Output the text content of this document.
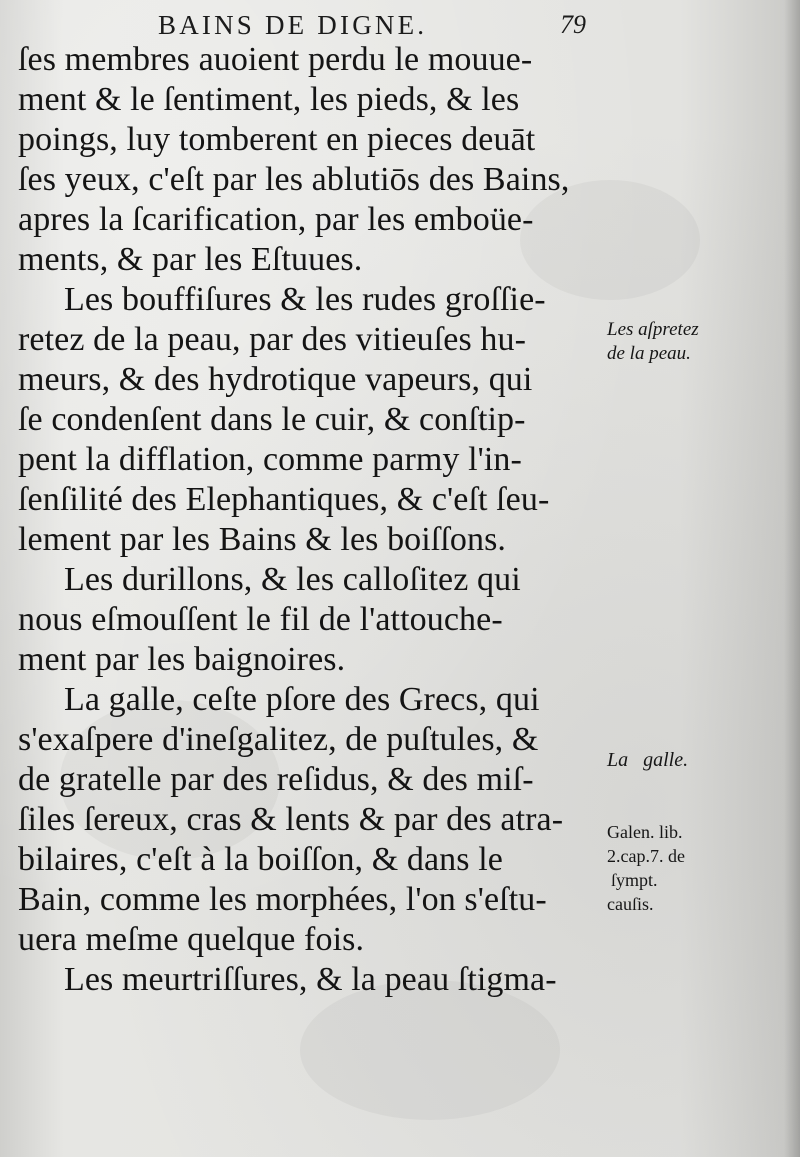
BAINS DE DIGNE.	79
ſes membres auoient perdu le mouue-
ment & le ſentiment, les pieds, & les
poings, luy tomberent en pieces deuāt
ſes yeux, c'eſt par les ablutiōs des Bains,
apres la ſcarification, par les emboüe-
ments, & par les Eſtuues.
Les bouffiſures & les rudes groſſie-
retez de la peau, par des vitieuſes hu-
meurs, & des hydrotique vapeurs, qui
ſe condenſent dans le cuir, & conſtip-
pent la difflation, comme parmy l'in-
ſenſilité des Elephantiques, & c'eſt ſeu-
lement par les Bains & les boiſſons.
Les durillons, & les calloſitez qui
nous eſmouſſent le fil de l'attouche-
ment par les baignoires.
La galle, ceſte pſore des Grecs, qui
s'exaſpere d'ineſgalitez, de puſtules, &
de gratelle par des reſidus, & des miſ-
ſiles ſereux, cras & lents & par des atra-
bilaires, c'eſt à la boiſſon, & dans le
Bain, comme les morphées, l'on s'eſtu-
uera meſme quelque fois.
Les meurtriſſures, & la peau ſtigma-
Les aſpretez
de la peau.
La   galle.
Galen. lib.
2.cap.7. de
ſympt.
cauſis.
